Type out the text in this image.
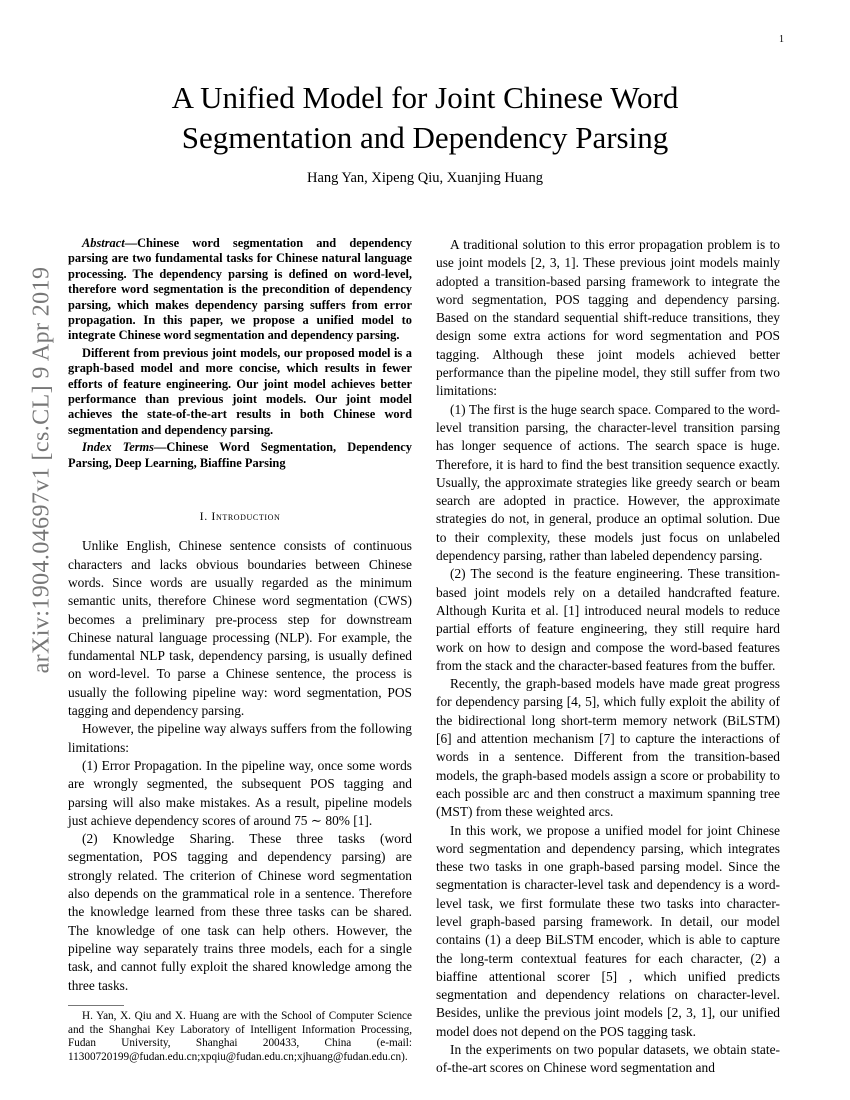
1
arXiv:1904.04697v1 [cs.CL] 9 Apr 2019
A Unified Model for Joint Chinese Word
Segmentation and Dependency Parsing
Hang Yan, Xipeng Qiu, Xuanjing Huang

Abstract—Chinese word segmentation and dependency parsing are two fundamental tasks for Chinese natural language processing. The dependency parsing is defined on word-level, therefore word segmentation is the precondition of dependency parsing, which makes dependency parsing suffers from error propagation. In this paper, we propose a unified model to integrate Chinese word segmentation and dependency parsing.

Different from previous joint models, our proposed model is a graph-based model and more concise, which results in fewer efforts of feature engineering. Our joint model achieves better performance than previous joint models. Our joint model achieves the state-of-the-art results in both Chinese word segmentation and dependency parsing.

Index Terms—Chinese Word Segmentation, Dependency Parsing, Deep Learning, Biaffine Parsing

I. Introduction

Unlike English, Chinese sentence consists of continuous characters and lacks obvious boundaries between Chinese words. Since words are usually regarded as the minimum semantic units, therefore Chinese word segmentation (CWS) becomes a preliminary pre-process step for downstream Chinese natural language processing (NLP). For example, the fundamental NLP task, dependency parsing, is usually defined on word-level. To parse a Chinese sentence, the process is usually the following pipeline way: word segmentation, POS tagging and dependency parsing.

However, the pipeline way always suffers from the following limitations:

(1) Error Propagation. In the pipeline way, once some words are wrongly segmented, the subsequent POS tagging and parsing will also make mistakes. As a result, pipeline models just achieve dependency scores of around 75 ∼ 80% [1].

(2) Knowledge Sharing. These three tasks (word segmentation, POS tagging and dependency parsing) are strongly related. The criterion of Chinese word segmentation also depends on the grammatical role in a sentence. Therefore the knowledge learned from these three tasks can be shared. The knowledge of one task can help others. However, the pipeline way separately trains three models, each for a single task, and cannot fully exploit the shared knowledge among the three tasks.

H. Yan, X. Qiu and X. Huang are with the School of Computer Science and the Shanghai Key Laboratory of Intelligent Information Processing, Fudan University, Shanghai 200433, China (e-mail: 11300720199@fudan.edu.cn;xpqiu@fudan.edu.cn;xjhuang@fudan.edu.cn).

A traditional solution to this error propagation problem is to use joint models [2, 3, 1]. These previous joint models mainly adopted a transition-based parsing framework to integrate the word segmentation, POS tagging and dependency parsing. Based on the standard sequential shift-reduce transitions, they design some extra actions for word segmentation and POS tagging. Although these joint models achieved better performance than the pipeline model, they still suffer from two limitations:

(1) The first is the huge search space. Compared to the word-level transition parsing, the character-level transition parsing has longer sequence of actions. The search space is huge. Therefore, it is hard to find the best transition sequence exactly. Usually, the approximate strategies like greedy search or beam search are adopted in practice. However, the approximate strategies do not, in general, produce an optimal solution. Due to their complexity, these models just focus on unlabeled dependency parsing, rather than labeled dependency parsing.

(2) The second is the feature engineering. These transition-based joint models rely on a detailed handcrafted feature. Although Kurita et al. [1] introduced neural models to reduce partial efforts of feature engineering, they still require hard work on how to design and compose the word-based features from the stack and the character-based features from the buffer.

Recently, the graph-based models have made great progress for dependency parsing [4, 5], which fully exploit the ability of the bidirectional long short-term memory network (BiLSTM) [6] and attention mechanism [7] to capture the interactions of words in a sentence. Different from the transition-based models, the graph-based models assign a score or probability to each possible arc and then construct a maximum spanning tree (MST) from these weighted arcs.

In this work, we propose a unified model for joint Chinese word segmentation and dependency parsing, which integrates these two tasks in one graph-based parsing model. Since the segmentation is character-level task and dependency is a word-level task, we first formulate these two tasks into character-level graph-based parsing framework. In detail, our model contains (1) a deep BiLSTM encoder, which is able to capture the long-term contextual features for each character, (2) a biaffine attentional scorer [5] , which unified predicts segmentation and dependency relations on character-level. Besides, unlike the previous joint models [2, 3, 1], our unified model does not depend on the POS tagging task.

In the experiments on two popular datasets, we obtain state-of-the-art scores on Chinese word segmentation and
